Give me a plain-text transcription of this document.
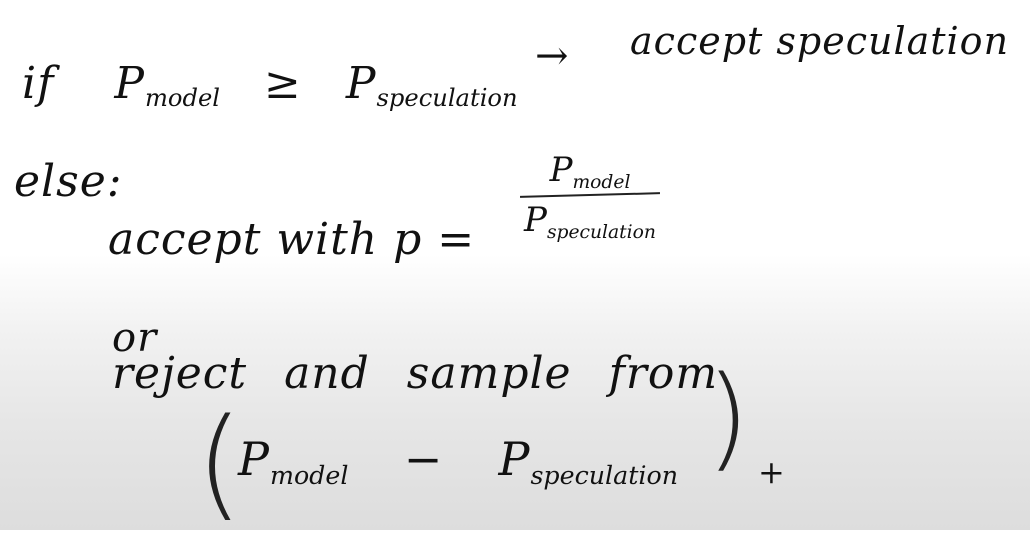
if Pmodel ≥ Pspeculation
→ accept speculation
else:
accept with p =
Pmodel
Pspeculation
or
reject and sample from
(
Pmodel − Pspeculation ) +
